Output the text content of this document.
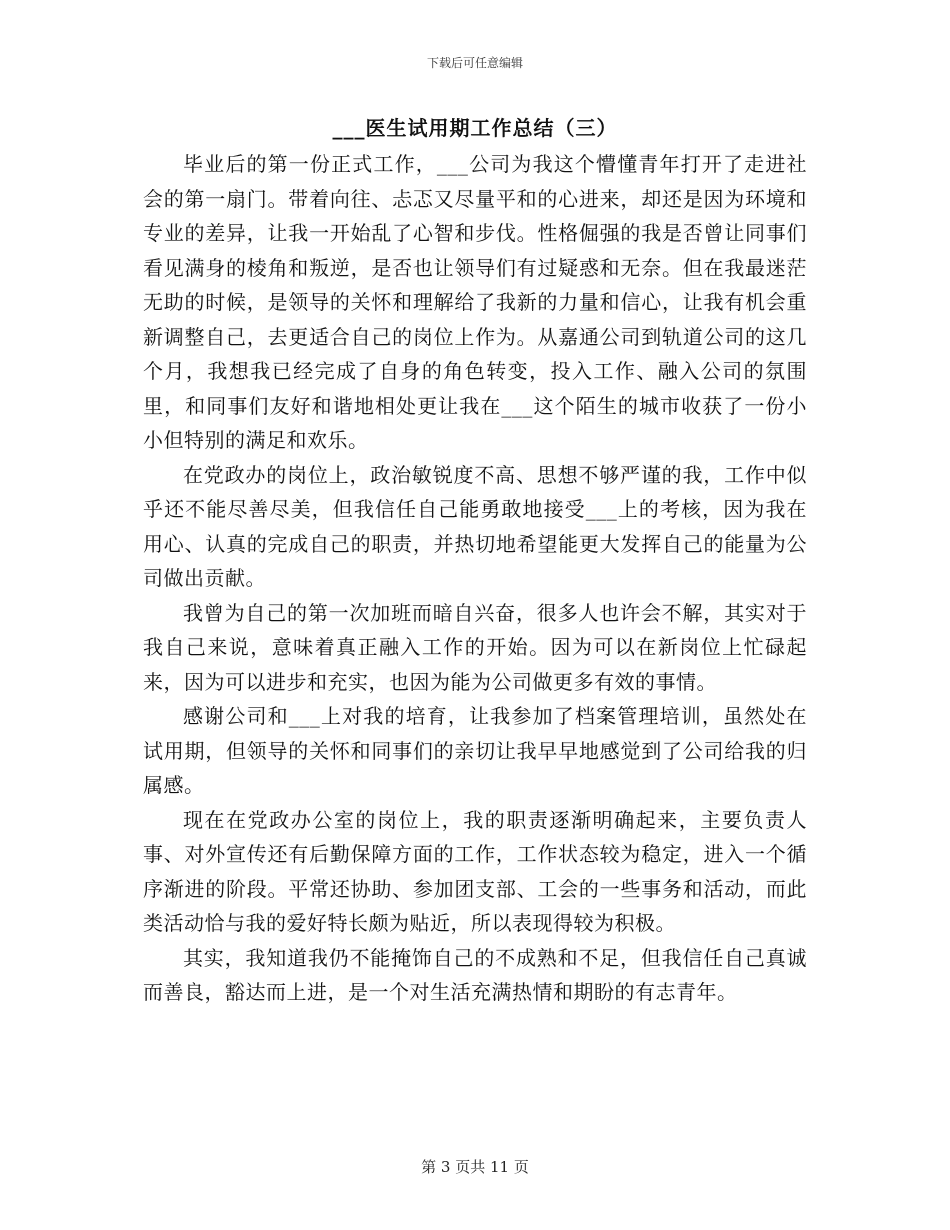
下载后可任意编辑
___医生试用期工作总结（三）

毕业后的第一份正式工作，___公司为我这个懵懂青年打开了走进社会的第一扇门。带着向往、忐忑又尽量平和的心进来，却还是因为环境和专业的差异，让我一开始乱了心智和步伐。性格倔强的我是否曾让同事们看见满身的棱角和叛逆，是否也让领导们有过疑惑和无奈。但在我最迷茫无助的时候，是领导的关怀和理解给了我新的力量和信心，让我有机会重新调整自己，去更适合自己的岗位上作为。从嘉通公司到轨道公司的这几个月，我想我已经完成了自身的角色转变，投入工作、融入公司的氛围里，和同事们友好和谐地相处更让我在___这个陌生的城市收获了一份小小但特别的满足和欢乐。

在党政办的岗位上，政治敏锐度不高、思想不够严谨的我，工作中似乎还不能尽善尽美，但我信任自己能勇敢地接受___上的考核，因为我在用心、认真的完成自己的职责，并热切地希望能更大发挥自己的能量为公司做出贡献。

我曾为自己的第一次加班而暗自兴奋，很多人也许会不解，其实对于我自己来说，意味着真正融入工作的开始。因为可以在新岗位上忙碌起来，因为可以进步和充实，也因为能为公司做更多有效的事情。

感谢公司和___上对我的培育，让我参加了档案管理培训，虽然处在试用期，但领导的关怀和同事们的亲切让我早早地感觉到了公司给我的归属感。

现在在党政办公室的岗位上，我的职责逐渐明确起来，主要负责人事、对外宣传还有后勤保障方面的工作，工作状态较为稳定，进入一个循序渐进的阶段。平常还协助、参加团支部、工会的一些事务和活动，而此类活动恰与我的爱好特长颇为贴近，所以表现得较为积极。

其实，我知道我仍不能掩饰自己的不成熟和不足，但我信任自己真诚而善良，豁达而上进，是一个对生活充满热情和期盼的有志青年。

第 3 页共 11 页
